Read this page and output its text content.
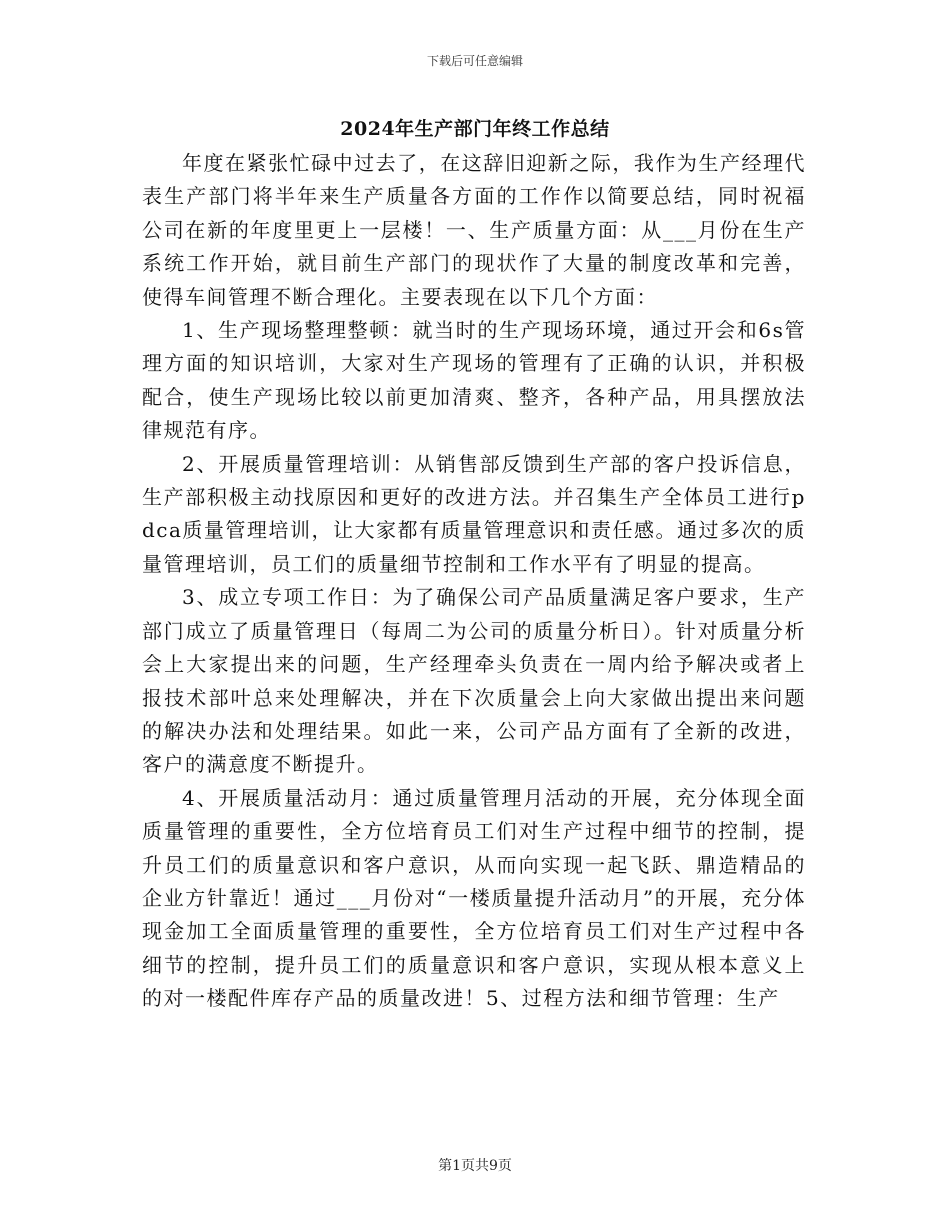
下载后可任意编辑
2024年生产部门年终工作总结

年度在紧张忙碌中过去了，在这辞旧迎新之际，我作为生产经理代表生产部门将半年来生产质量各方面的工作作以简要总结，同时祝福公司在新的年度里更上一层楼！一、生产质量方面：从___月份在生产系统工作开始，就目前生产部门的现状作了大量的制度改革和完善，使得车间管理不断合理化。主要表现在以下几个方面：

1、生产现场整理整顿：就当时的生产现场环境，通过开会和6s管理方面的知识培训，大家对生产现场的管理有了正确的认识，并积极配合，使生产现场比较以前更加清爽、整齐，各种产品，用具摆放法律规范有序。

2、开展质量管理培训：从销售部反馈到生产部的客户投诉信息，生产部积极主动找原因和更好的改进方法。并召集生产全体员工进行pdca质量管理培训，让大家都有质量管理意识和责任感。通过多次的质量管理培训，员工们的质量细节控制和工作水平有了明显的提高。

3、成立专项工作日：为了确保公司产品质量满足客户要求，生产部门成立了质量管理日（每周二为公司的质量分析日）。针对质量分析会上大家提出来的问题，生产经理牵头负责在一周内给予解决或者上报技术部叶总来处理解决，并在下次质量会上向大家做出提出来问题的解决办法和处理结果。如此一来，公司产品方面有了全新的改进，客户的满意度不断提升。

4、开展质量活动月：通过质量管理月活动的开展，充分体现全面质量管理的重要性，全方位培育员工们对生产过程中细节的控制，提升员工们的质量意识和客户意识，从而向实现一起飞跃、鼎造精品的企业方针靠近！通过___月份对“一楼质量提升活动月”的开展，充分体现金加工全面质量管理的重要性，全方位培育员工们对生产过程中各细节的控制，提升员工们的质量意识和客户意识，实现从根本意义上的对一楼配件库存产品的质量改进！5、过程方法和细节管理：生产

第1页共9页
